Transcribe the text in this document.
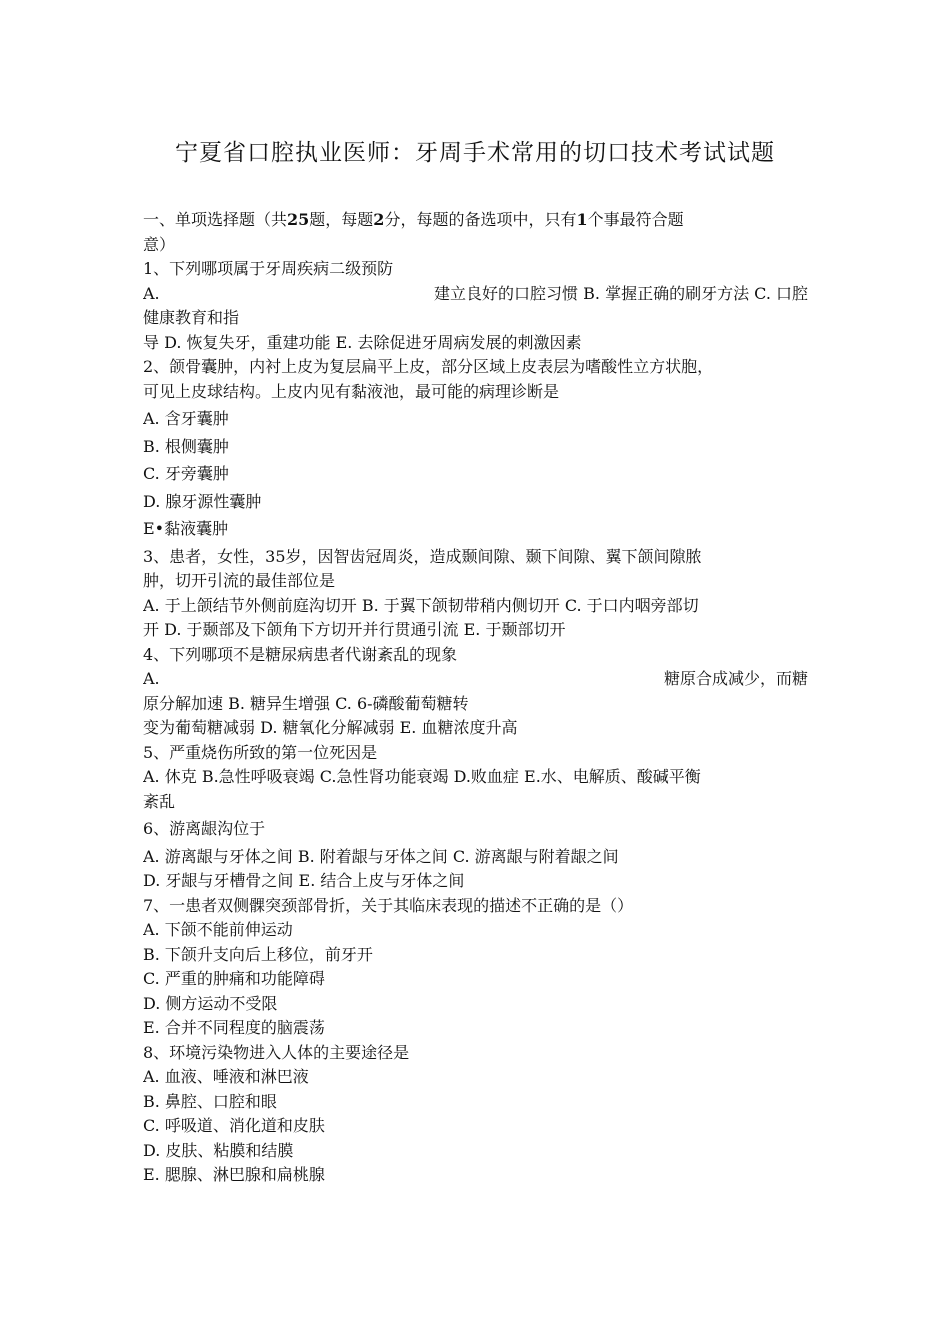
宁夏省口腔执业医师：牙周手术常用的切口技术考试试题
一、单项选择题（共25题，每题2分，每题的备选项中，只有1个事最符合题
意）
1、下列哪项属于牙周疾病二级预防
A.	建立良好的口腔习惯 B. 掌握正确的刷牙方法 C. 口腔
健康教育和指
导 D. 恢复失牙，重建功能 E. 去除促进牙周病发展的刺激因素
2、颌骨囊肿，内衬上皮为复层扁平上皮，部分区域上皮表层为嗜酸性立方状胞，
可见上皮球结构。上皮内见有黏液池，最可能的病理诊断是
A. 含牙囊肿
B. 根侧囊肿
C. 牙旁囊肿
D. 腺牙源性囊肿
E•黏液囊肿
3、患者，女性，35岁，因智齿冠周炎，造成颞间隙、颞下间隙、翼下颌间隙脓
肿，切开引流的最佳部位是
A. 于上颌结节外侧前庭沟切开 B. 于翼下颌韧带稍内侧切开 C. 于口内咽旁部切
开 D. 于颞部及下颌角下方切开并行贯通引流 E. 于颞部切开
4、下列哪项不是糖尿病患者代谢紊乱的现象
A.	糖原合成减少，而糖
原分解加速 B. 糖异生增强 C. 6-磷酸葡萄糖转
变为葡萄糖减弱 D. 糖氧化分解减弱 E. 血糖浓度升高
5、严重烧伤所致的第一位死因是
A. 休克 B.急性呼吸衰竭 C.急性肾功能衰竭 D.败血症 E.水、电解质、酸碱平衡
紊乱
6、游离龈沟位于
A. 游离龈与牙体之间 B. 附着龈与牙体之间 C. 游离龈与附着龈之间
D. 牙龈与牙槽骨之间 E. 结合上皮与牙体之间
7、一患者双侧髁突颈部骨折，关于其临床表现的描述不正确的是（）
A. 下颌不能前伸运动
B. 下颌升支向后上移位，前牙开
C. 严重的肿痛和功能障碍
D. 侧方运动不受限
E. 合并不同程度的脑震荡
8、环境污染物进入人体的主要途径是
A. 血液、唾液和淋巴液
B. 鼻腔、口腔和眼
C. 呼吸道、消化道和皮肤
D. 皮肤、粘膜和结膜
E. 腮腺、淋巴腺和扁桃腺
